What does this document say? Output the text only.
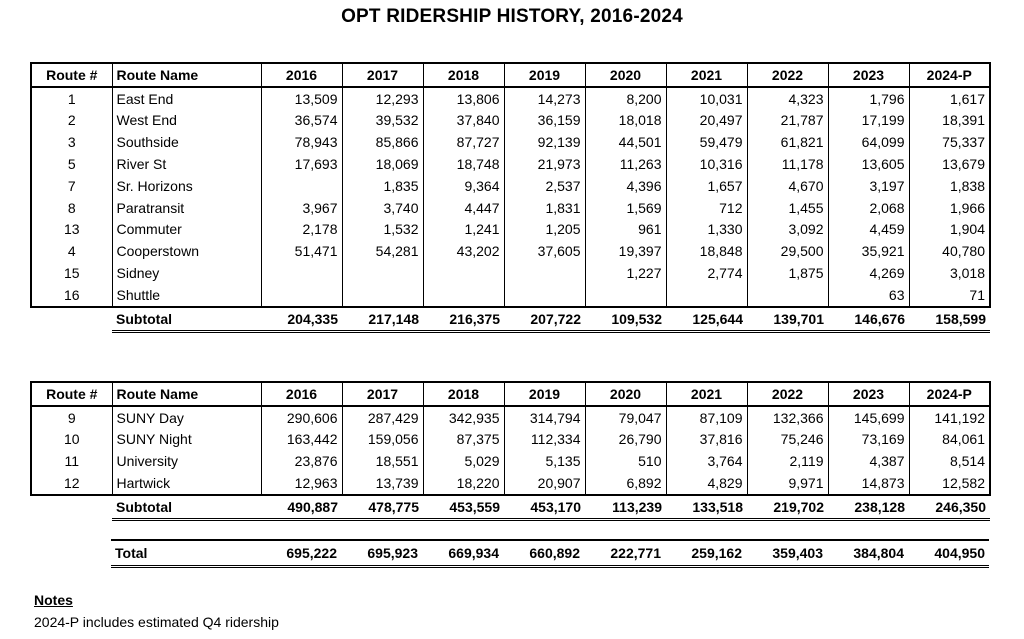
OPT RIDERSHIP HISTORY, 2016-2024
Route #	Route Name	2016	2017	2018	2019	2020	2021	2022	2023	2024-P
1	East End	13,509	12,293	13,806	14,273	8,200	10,031	4,323	1,796	1,617
2	West End	36,574	39,532	37,840	36,159	18,018	20,497	21,787	17,199	18,391
3	Southside	78,943	85,866	87,727	92,139	44,501	59,479	61,821	64,099	75,337
5	River St	17,693	18,069	18,748	21,973	11,263	10,316	11,178	13,605	13,679
7	Sr. Horizons		1,835	9,364	2,537	4,396	1,657	4,670	3,197	1,838
8	Paratransit	3,967	3,740	4,447	1,831	1,569	712	1,455	2,068	1,966
13	Commuter	2,178	1,532	1,241	1,205	961	1,330	3,092	4,459	1,904
4	Cooperstown	51,471	54,281	43,202	37,605	19,397	18,848	29,500	35,921	40,780
15	Sidney					1,227	2,774	1,875	4,269	3,018
16	Shuttle								63	71
	Subtotal	204,335	217,148	216,375	207,722	109,532	125,644	139,701	146,676	158,599
Route #	Route Name	2016	2017	2018	2019	2020	2021	2022	2023	2024-P
9	SUNY Day	290,606	287,429	342,935	314,794	79,047	87,109	132,366	145,699	141,192
10	SUNY Night	163,442	159,056	87,375	112,334	26,790	37,816	75,246	73,169	84,061
11	University	23,876	18,551	5,029	5,135	510	3,764	2,119	4,387	8,514
12	Hartwick	12,963	13,739	18,220	20,907	6,892	4,829	9,971	14,873	12,582
	Subtotal	490,887	478,775	453,559	453,170	113,239	133,518	219,702	238,128	246,350
	Total	695,222	695,923	669,934	660,892	222,771	259,162	359,403	384,804	404,950
Notes
2024-P includes estimated Q4 ridership
